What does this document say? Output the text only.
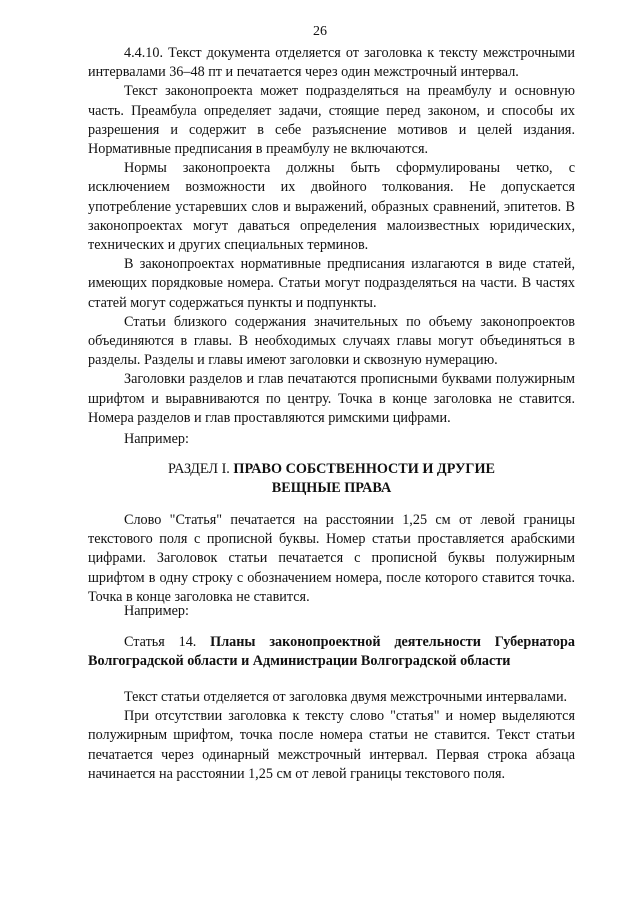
26

4.4.10. Текст документа отделяется от заголовка к тексту межстрочными интервалами 36–48 пт и печатается через один межстрочный интервал.

Текст законопроекта может подразделяться на преамбулу и основную часть. Преамбула определяет задачи, стоящие перед законом, и способы их разрешения и содержит в себе разъяснение мотивов и целей издания. Нормативные предписания в преамбулу не включаются.

Нормы законопроекта должны быть сформулированы четко, с исключением возможности их двойного толкования. Не допускается употребление устаревших слов и выражений, образных сравнений, эпитетов. В законопроектах могут даваться определения малоизвестных юридических, технических и других специальных терминов.

В законопроектах нормативные предписания излагаются в виде статей, имеющих порядковые номера. Статьи могут подразделяться на части. В частях статей могут содержаться пункты и подпункты.

Статьи близкого содержания значительных по объему законопроектов объединяются в главы. В необходимых случаях главы могут объединяться в разделы. Разделы и главы имеют заголовки и сквозную нумерацию.

Заголовки разделов и глав печатаются прописными буквами полужирным шрифтом и выравниваются по центру. Точка в конце заголовка не ставится. Номера разделов и глав проставляются римскими цифрами.

Например:
РАЗДЕЛ I. ПРАВО СОБСТВЕННОСТИ И ДРУГИЕ
ВЕЩНЫЕ ПРАВА

Слово "Статья" печатается на расстоянии 1,25 см от левой границы текстового поля с прописной буквы. Номер статьи проставляется арабскими цифрами. Заголовок статьи печатается с прописной буквы полужирным шрифтом в одну строку с обозначением номера, после которого ставится точка. Точка в конце заголовка не ставится.

Например:
Статья 14. Планы законопроектной деятельности Губернатора Волгоградской области и Администрации Волгоградской области

Текст статьи отделяется от заголовка двумя межстрочными интервалами.

При отсутствии заголовка к тексту слово "статья" и номер выделяются полужирным шрифтом, точка после номера статьи не ставится. Текст статьи печатается через одинарный межстрочный интервал. Первая строка абзаца начинается на расстоянии 1,25 см от левой границы текстового поля.
